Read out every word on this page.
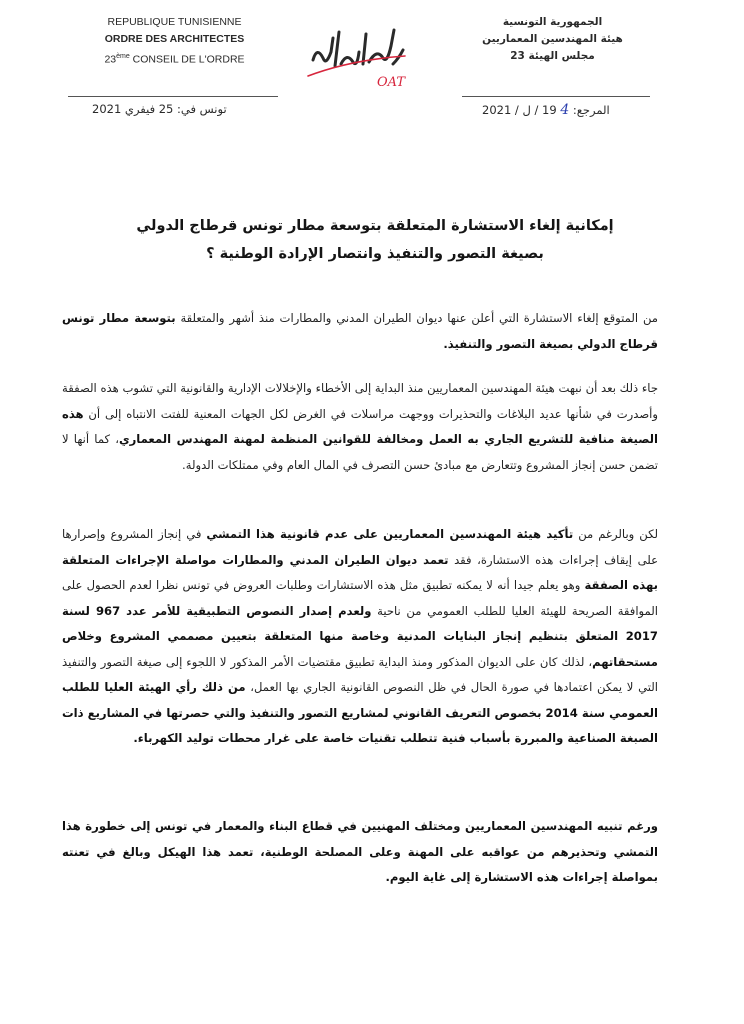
REPUBLIQUE TUNISIENNE
ORDRE DES ARCHITECTES
23ème CONSEIL DE L'ORDRE
OAT
الجمهورية التونسية
هيئة المهندسين المعماريين
مجلس الهيئة 23
تونس في: 25 فيفري 2021	المرجع: 4 19 / ل / 2021
إمكانية إلغاء الاستشارة المتعلقة بتوسعة مطار تونس قرطاج الدولي
بصيغة التصور والتنفيذ وانتصار الإرادة الوطنية ؟
من المتوقع إلغاء الاستشارة التي أعلن عنها ديوان الطيران المدني والمطارات منذ أشهر والمتعلقة بتوسعة مطار تونس قرطاج الدولي بصيغة التصور والتنفيذ.
جاء ذلك بعد أن نبهت هيئة المهندسين المعماريين منذ البداية إلى الأخطاء والإخلالات الإدارية والقانونية التي تشوب هذه الصفقة وأصدرت في شأنها عديد البلاغات والتحذيرات ووجهت مراسلات في الغرض لكل الجهات المعنية للفتت الانتباه إلى أن هذه الصيغة منافية للتشريع الجاري به العمل ومخالفة للقوانين المنظمة لمهنة المهندس المعماري، كما أنها لا تضمن حسن إنجاز المشروع وتتعارض مع مبادئ حسن التصرف في المال العام وفي ممتلكات الدولة.
لكن وبالرغم من تأكيد هيئة المهندسين المعماريين على عدم قانونية هذا التمشي في إنجاز المشروع وإصرارها على إيقاف إجراءات هذه الاستشارة، فقد تعمد ديوان الطيران المدني والمطارات مواصلة الإجراءات المتعلقة بهذه الصفقة وهو يعلم جيدا أنه لا يمكنه تطبيق مثل هذه الاستشارات وطلبات العروض في تونس نظرا لعدم الحصول على الموافقة الصريحة للهيئة العليا للطلب العمومي من ناحية ولعدم إصدار النصوص التطبيقية للأمر عدد 967 لسنة 2017 المتعلق بتنظيم إنجاز البنايات المدنية وخاصة منها المتعلقة بتعيين مصممي المشروع وخلاص مستحقاتهم، لذلك كان على الديوان المذكور ومنذ البداية تطبيق مقتضيات الأمر المذكور لا اللجوء إلى صيغة التصور والتنفيذ التي لا يمكن اعتمادها في صورة الحال في ظل النصوص القانونية الجاري بها العمل، من ذلك رأي الهيئة العليا للطلب العمومي سنة 2014 بخصوص التعريف القانوني لمشاريع التصور والتنفيذ والتي حصرتها في المشاريع ذات الصبغة الصناعية والمبررة بأسباب فنية تتطلب تقنيات خاصة على غرار محطات توليد الكهرباء.
ورغم تنبيه المهندسين المعماريين ومختلف المهنيين في قطاع البناء والمعمار في تونس إلى خطورة هذا التمشي وتحذيرهم من عواقبه على المهنة وعلى المصلحة الوطنية، تعمد هذا الهيكل وبالغ في تعنته بمواصلة إجراءات هذه الاستشارة إلى غاية اليوم.
